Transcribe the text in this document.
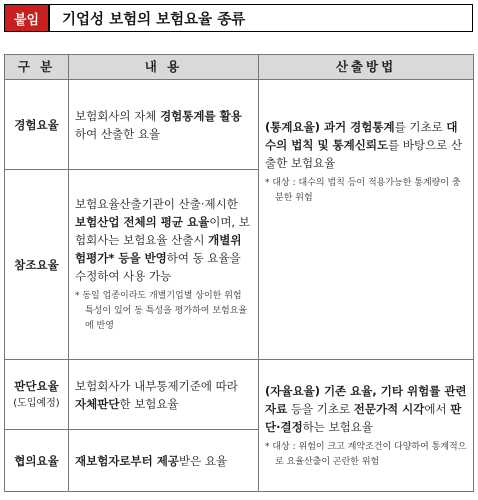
붙임	기업성 보험의 보험요율 종류
구 분	내 용	산출방법
경험요율	보험회사의 자체 경험통계를 활용하여 산출한 요율	(통계요율) 과거 경험통계를 기초로 대수의 법칙 및 통계신뢰도를 바탕으로 산출한 보험요율
* 대상 : 대수의 법칙 등이 적용가능한 통계량이 충분한 위험

참조요율	보험요율산출기관이 산출·제시한 보험산업 전체의 평균 요율이며, 보험회사는 보험요율 산출시 개별위험평가* 등을 반영하여 동 요율을 수정하여 사용 가능
* 동일 업종이라도 개별기업별 상이한 위험 특성이 있어 동 특성을 평가하여 보험요율에 반영	

판단요율
(도입예정)	보험회사가 내부통제기준에 따라 자체판단한 보험요율	(자율요율) 기존 요율, 기타 위험률 관련 자료 등을 기초로 전문가적 시각에서 판단·결정하는 보험요율
* 대상 : 위험이 크고 계약조건이 다양하여 통계적으로 요율산출이 곤란한 위험

협의요율	재보험자로부터 제공받은 요율	
